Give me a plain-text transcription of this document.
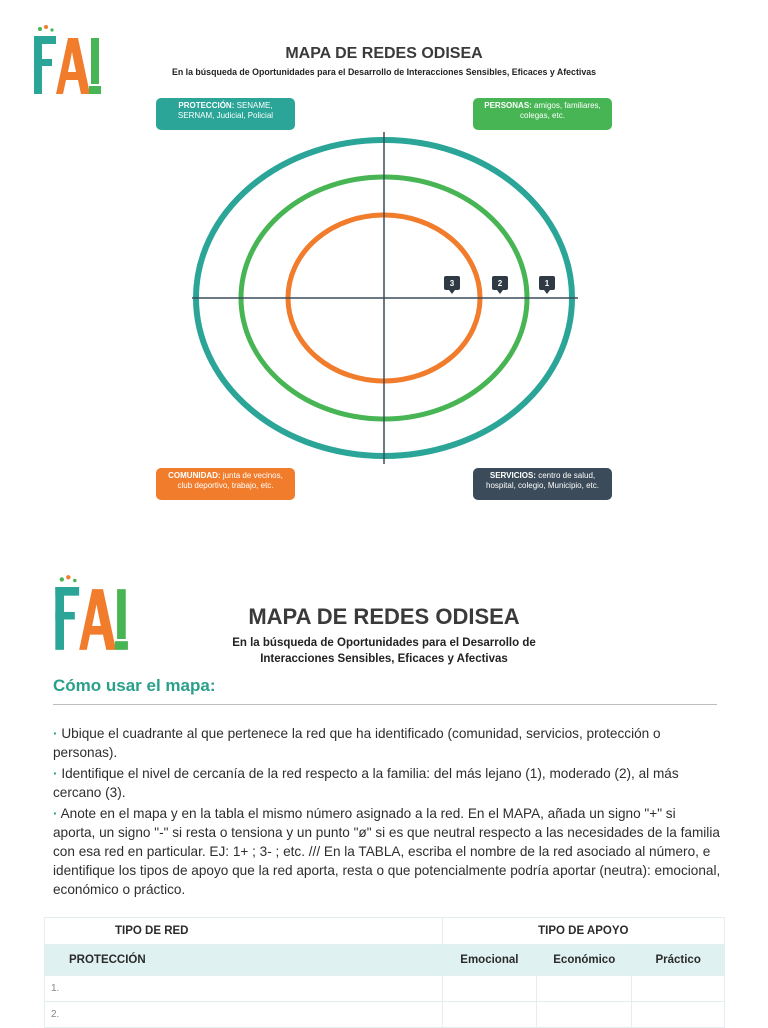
MAPA DE REDES ODISEA
En la búsqueda de Oportunidades para el Desarrollo de Interacciones Sensibles, Eficaces y Afectivas
PROTECCIÓN: SENAME, SERNAM, Judicial, Policial
PERSONAS: amigos, familiares, colegas, etc.
COMUNIDAD: junta de vecinos, club deportivo, trabajo, etc.
SERVICIOS: centro de salud, hospital, colegio, Municipio, etc.
3	2	1
MAPA DE REDES ODISEA
En la búsqueda de Oportunidades para el Desarrollo de
Interacciones Sensibles, Eficaces y Afectivas
Cómo usar el mapa:

· Ubique el cuadrante al que pertenece la red que ha identificado (comunidad, servicios, protección o personas).

· Identifique el nivel de cercanía de la red respecto a la familia: del más lejano (1), moderado (2), al más cercano (3).

· Anote en el mapa y en la tabla el mismo número asignado a la red. En el MAPA, añada un signo "+" si aporta, un signo "-" si resta o tensiona y un punto "ø" si es que neutral respecto a las necesidades de la familia con esa red en particular. EJ: 1+ ; 3- ; etc. /// En la TABLA, escriba el nombre de la red asociado al número, e identifique los tipos de apoyo que la red aporta, resta o que potencialmente podría aportar (neutra): emocional, económico o práctico.

TIPO DE RED	TIPO DE APOYO		
PROTECCIÓN	Emocional	Económico	Práctico
1.			
2.			
